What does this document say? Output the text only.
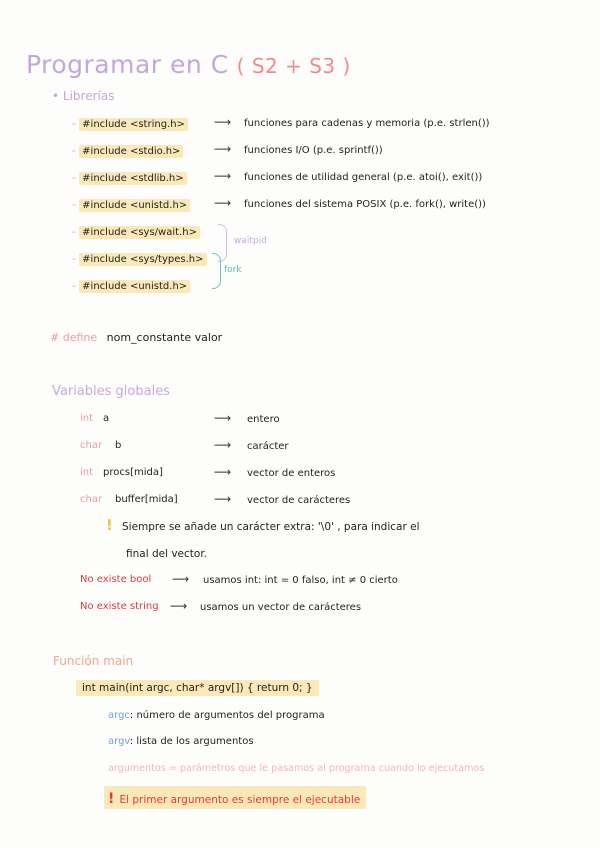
Programar en C ( S2 + S3 )
• Librerías
- #include <string.h> ⟶ funciones para cadenas y memoria (p.e. strlen())
- #include <stdio.h>	⟶ funciones I/O (p.e. sprintf())
- #include <stdlib.h>	⟶ funciones de utilidad general (p.e. atoi(), exit())
- #include <unistd.h> ⟶ funciones del sistema POSIX (p.e. fork(), write())
- #include <sys/wait.h>
- #include <sys/types.h>
- #include <unistd.h>
waitpid
fork
# define nom_constante valor
Variables globales
int a	⟶ entero
char b	⟶ carácter
int procs[mida]	⟶ vector de enteros
char buffer[mida]	⟶ vector de carácteres
! Siempre se añade un carácter extra: '\0' , para indicar el
final del vector.
No existe bool ⟶ usamos int: int = 0 falso, int ≠ 0 cierto
No existe string ⟶ usamos un vector de carácteres
Función main
int main(int argc, char* argv[]) { return 0; }
argc: número de argumentos del programa
argv: lista de los argumentos
argumentos = parámetros que le pasamos al programa cuando lo ejecutamos
! El primer argumento es siempre el ejecutable
